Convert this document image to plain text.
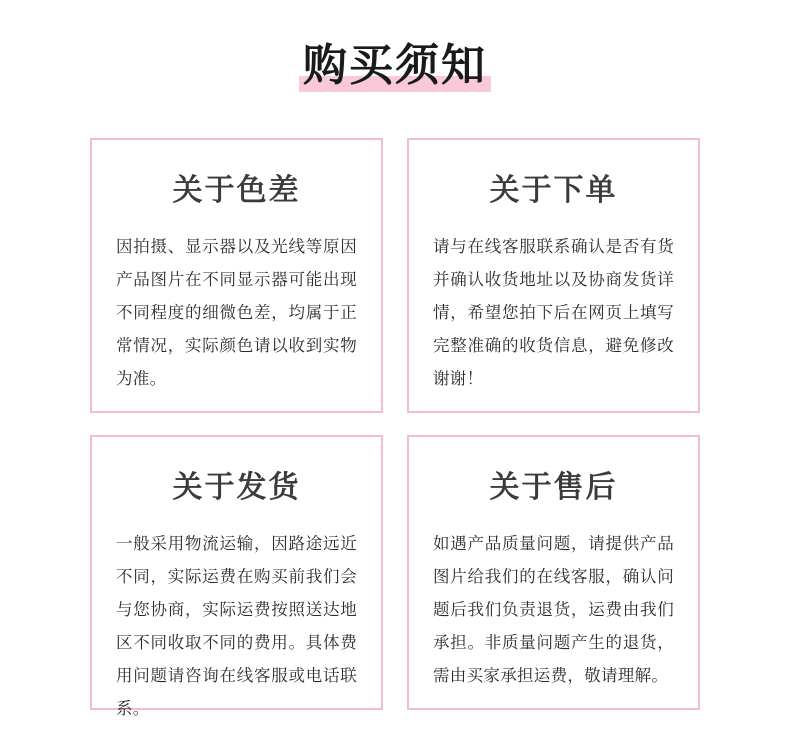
购买须知
关于色差
因拍摄、显示器以及光线等原因产品图片在不同显示器可能出现不同程度的细微色差，均属于正常情况，实际颜色请以收到实物为准。
关于下单
请与在线客服联系确认是否有货并确认收货地址以及协商发货详情，希望您拍下后在网页上填写完整准确的收货信息，避免修改谢谢！
关于发货
一般采用物流运输，因路途远近不同，实际运费在购买前我们会与您协商，实际运费按照送达地区不同收取不同的费用。具体费用问题请咨询在线客服或电话联系。
关于售后
如遇产品质量问题，请提供产品图片给我们的在线客服，确认问题后我们负责退货，运费由我们承担。非质量问题产生的退货，需由买家承担运费，敬请理解。
